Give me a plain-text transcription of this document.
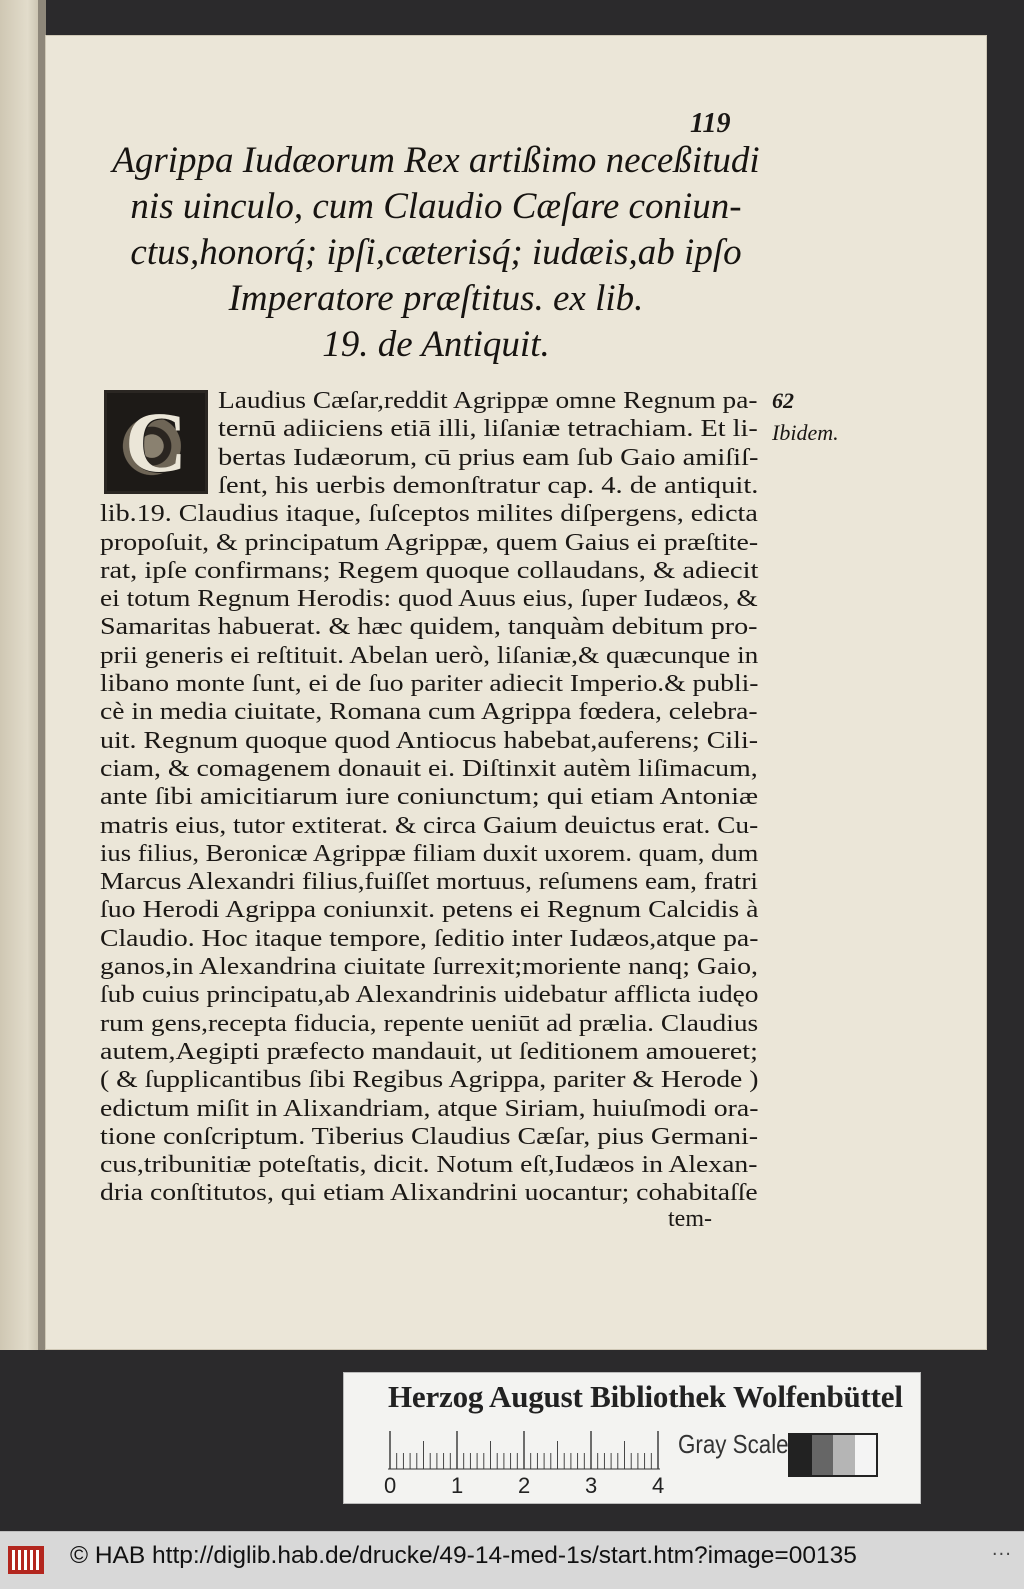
119
Agrippa Iudæorum Rex artißimo neceßitudi
nis uinculo, cum Claudio Cæſare coniun-
ctus,honorq́; ipſi,cæterisq́; iudæis,ab ipſo
Imperatore præſtitus. ex lib.
19. de Antiquit.
C	62
Ibidem.
Laudius Cæſar,reddit Agrippæ omne Regnum pa-
ternū adiiciens etiā illi, liſaniæ tetrachiam. Et li-
bertas Iudæorum, cū prius eam ſub Gaio amiſiſ-
ſent, his uerbis demonſtratur cap. 4. de antiquit.
lib.19. Claudius itaque, ſuſceptos milites diſpergens, edicta
propoſuit, & principatum Agrippæ, quem Gaius ei præſtite-
rat, ipſe confirmans; Regem quoque collaudans, & adiecit
ei totum Regnum Herodis: quod Auus eius, ſuper Iudæos, &
Samaritas habuerat. & hæc quidem, tanquàm debitum pro-
prii generis ei reſtituit. Abelan uerò, liſaniæ,& quæcunque in
libano monte ſunt, ei de ſuo pariter adiecit Imperio.& publi-
cè in media ciuitate, Romana cum Agrippa fœdera, celebra-
uit. Regnum quoque quod Antiocus habebat,auferens; Cili-
ciam, & comagenem donauit ei. Diſtinxit autèm liſimacum,
ante ſibi amicitiarum iure coniunctum; qui etiam Antoniæ
matris eius, tutor extiterat. & circa Gaium deuictus erat. Cu-
ius filius, Beronicæ Agrippæ filiam duxit uxorem. quam, dum
Marcus Alexandri filius,fuiſſet mortuus, reſumens eam, fratri
ſuo Herodi Agrippa coniunxit. petens ei Regnum Calcidis à
Claudio. Hoc itaque tempore, ſeditio inter Iudæos,atque pa-
ganos,in Alexandrina ciuitate ſurrexit;moriente nanq; Gaio,
ſub cuius principatu,ab Alexandrinis uidebatur afflicta iudęo
rum gens,recepta fiducia, repente ueniūt ad prælia. Claudius
autem,Aegipti præfecto mandauit, ut ſeditionem amoueret;
( & ſupplicantibus ſibi Regibus Agrippa, pariter & Herode )
edictum miſit in Alixandriam, atque Siriam, huiuſmodi ora-
tione conſcriptum. Tiberius Claudius Cæſar, pius Germani-
cus,tribunitiæ poteſtatis, dicit. Notum eſt,Iudæos in Alexan-
dria conſtitutos, qui etiam Alixandrini uocantur; cohabitaſſe
tem-
Herzog August Bibliothek Wolfenbüttel
Gray Scale
0 1 2 3 4
© HAB http://diglib.hab.de/drucke/49-14-med-1s/start.htm?image=00135	···
